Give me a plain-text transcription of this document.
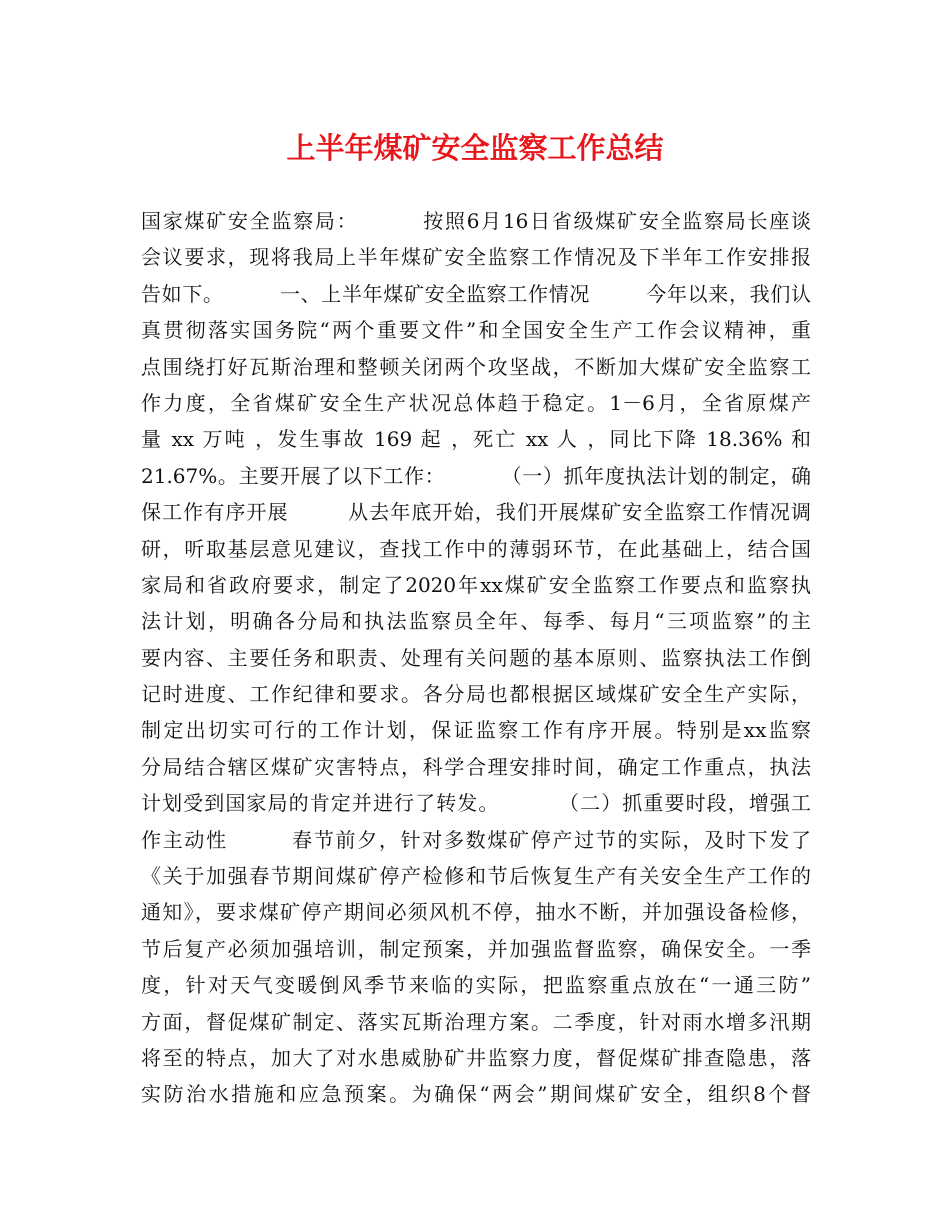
上半年煤矿安全监察工作总结
国家煤矿安全监察局：        按照6月16日省级煤矿安全监察局长座谈
会议要求，现将我局上半年煤矿安全监察工作情况及下半年工作安排报
告如下。        一、上半年煤矿安全监察工作情况        今年以来，我们认
真贯彻落实国务院“两个重要文件”和全国安全生产工作会议精神，重
点围绕打好瓦斯治理和整顿关闭两个攻坚战，不断加大煤矿安全监察工
作力度，全省煤矿安全生产状况总体趋于稳定。1－6月，全省原煤产
量 xx 万吨 ，发生事故 169 起 ，死亡 xx 人 ，同比下降 18.36% 和
21.67%。主要开展了以下工作：        （一）抓年度执法计划的制定，确
保工作有序开展        从去年底开始，我们开展煤矿安全监察工作情况调
研，听取基层意见建议，查找工作中的薄弱环节，在此基础上，结合国
家局和省政府要求，制定了2020年xx煤矿安全监察工作要点和监察执
法计划，明确各分局和执法监察员全年、每季、每月“三项监察”的主
要内容、主要任务和职责、处理有关问题的基本原则、监察执法工作倒
记时进度、工作纪律和要求。各分局也都根据区域煤矿安全生产实际，
制定出切实可行的工作计划，保证监察工作有序开展。特别是xx监察
分局结合辖区煤矿灾害特点，科学合理安排时间，确定工作重点，执法
计划受到国家局的肯定并进行了转发。        （二）抓重要时段，增强工
作主动性        春节前夕，针对多数煤矿停产过节的实际，及时下发了
《关于加强春节期间煤矿停产检修和节后恢复生产有关安全生产工作的
通知》，要求煤矿停产期间必须风机不停，抽水不断，并加强设备检修，
节后复产必须加强培训，制定预案，并加强监督监察，确保安全。一季
度，针对天气变暖倒风季节来临的实际，把监察重点放在“一通三防”
方面，督促煤矿制定、落实瓦斯治理方案。二季度，针对雨水增多汛期
将至的特点，加大了对水患威胁矿井监察力度，督促煤矿排查隐患，落
实防治水措施和应急预案。为确保“两会”期间煤矿安全，组织8个督
